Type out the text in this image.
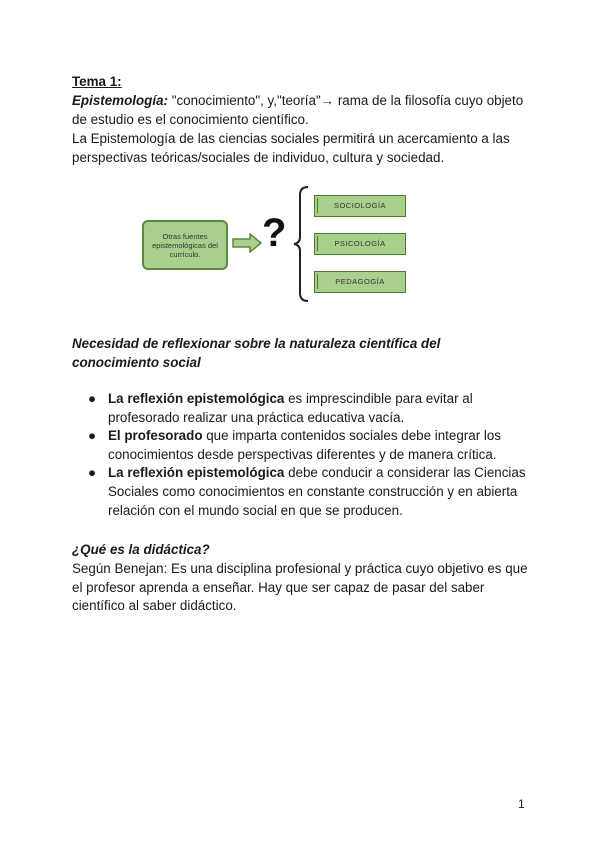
Tema 1:
Epistemología: "conocimiento", y,"teoría"→ rama de la filosofía cuyo objeto de estudio es el conocimiento científico.
La Epistemología de las ciencias sociales permitirá un acercamiento a las perspectivas teóricas/sociales de individuo, cultura y sociedad.
Otras fuentes epistemológicas del currículo.	?
SOCIOLOGÍA
PSICOLOGÍA
PEDAGOGÍA
Necesidad de reflexionar sobre la naturaleza científica del conocimiento social
● La reflexión epistemológica es imprescindible para evitar al profesorado realizar una práctica educativa vacía.
● El profesorado que imparta contenidos sociales debe integrar los conocimientos desde perspectivas diferentes y de manera crítica.
● La reflexión epistemológica debe conducir a considerar las Ciencias Sociales como conocimientos en constante construcción y en abierta relación con el mundo social en que se producen.
¿Qué es la didáctica?
Según Benejan: Es una disciplina profesional y práctica cuyo objetivo es que el profesor aprenda a enseñar. Hay que ser capaz de pasar del saber científico al saber didáctico.
1
